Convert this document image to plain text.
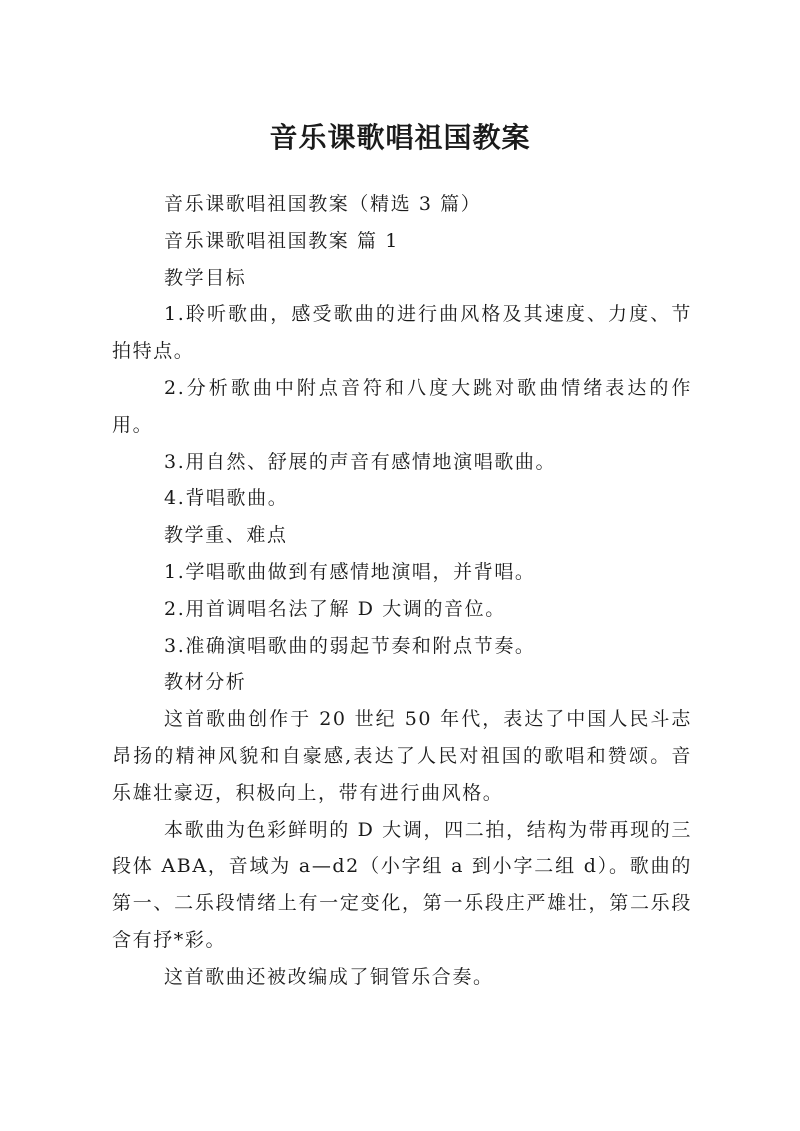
音乐课歌唱祖国教案

音乐课歌唱祖国教案（精选 3 篇）

音乐课歌唱祖国教案 篇 1

教学目标

1.聆听歌曲，感受歌曲的进行曲风格及其速度、力度、节拍特点。

2.分析歌曲中附点音符和八度大跳对歌曲情绪表达的作用。

3.用自然、舒展的声音有感情地演唱歌曲。

4.背唱歌曲。

教学重、难点

1.学唱歌曲做到有感情地演唱，并背唱。

2.用首调唱名法了解 D 大调的音位。

3.准确演唱歌曲的弱起节奏和附点节奏。

教材分析

这首歌曲创作于 20 世纪 50 年代，表达了中国人民斗志昂扬的精神风貌和自豪感,表达了人民对祖国的歌唱和赞颂。音乐雄壮豪迈，积极向上，带有进行曲风格。

本歌曲为色彩鲜明的 D 大调，四二拍，结构为带再现的三段体 ABA，音域为 a—d2（小字组 a 到小字二组 d）。歌曲的第一、二乐段情绪上有一定变化，第一乐段庄严雄壮，第二乐段含有抒*彩。

这首歌曲还被改编成了铜管乐合奏。
